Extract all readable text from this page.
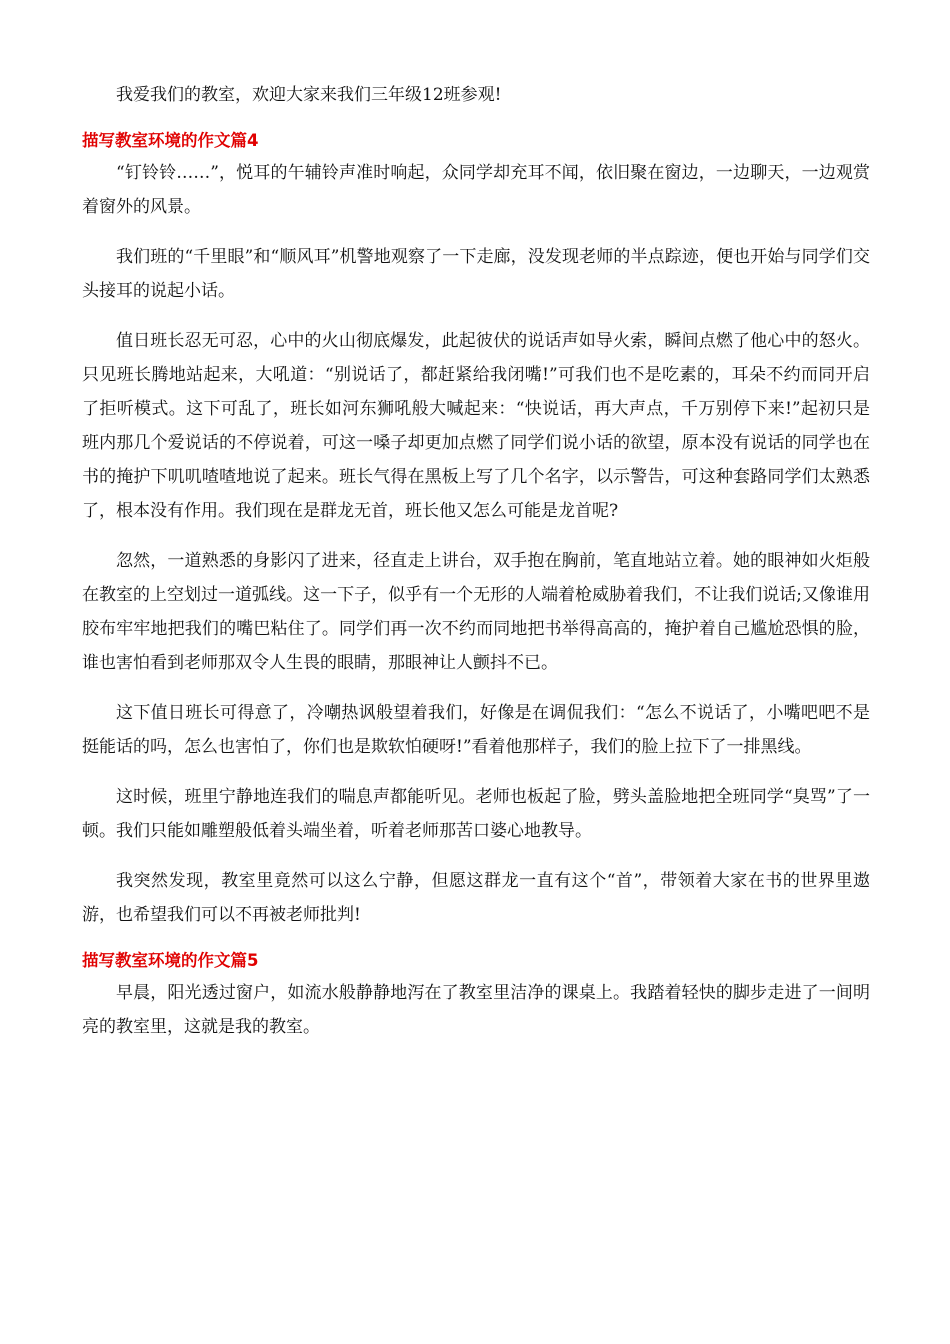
我爱我们的教室，欢迎大家来我们三年级12班参观!

描写教室环境的作文篇4

“钉铃铃……”，悦耳的午辅铃声准时响起，众同学却充耳不闻，依旧聚在窗边，一边聊天，一边观赏着窗外的风景。

我们班的“千里眼”和“顺风耳”机警地观察了一下走廊，没发现老师的半点踪迹，便也开始与同学们交头接耳的说起小话。

值日班长忍无可忍，心中的火山彻底爆发，此起彼伏的说话声如导火索，瞬间点燃了他心中的怒火。只见班长腾地站起来，大吼道：“别说话了，都赶紧给我闭嘴!”可我们也不是吃素的，耳朵不约而同开启了拒听模式。这下可乱了，班长如河东狮吼般大喊起来：“快说话，再大声点，千万别停下来!”起初只是班内那几个爱说话的不停说着，可这一嗓子却更加点燃了同学们说小话的欲望，原本没有说话的同学也在书的掩护下叽叽喳喳地说了起来。班长气得在黑板上写了几个名字，以示警告，可这种套路同学们太熟悉了，根本没有作用。我们现在是群龙无首，班长他又怎么可能是龙首呢?

忽然，一道熟悉的身影闪了进来，径直走上讲台，双手抱在胸前，笔直地站立着。她的眼神如火炬般在教室的上空划过一道弧线。这一下子，似乎有一个无形的人端着枪威胁着我们，不让我们说话;又像谁用胶布牢牢地把我们的嘴巴粘住了。同学们再一次不约而同地把书举得高高的，掩护着自己尴尬恐惧的脸，谁也害怕看到老师那双令人生畏的眼睛，那眼神让人颤抖不已。

这下值日班长可得意了，冷嘲热讽般望着我们，好像是在调侃我们：“怎么不说话了，小嘴吧吧不是挺能话的吗，怎么也害怕了，你们也是欺软怕硬呀!”看着他那样子，我们的脸上拉下了一排黑线。

这时候，班里宁静地连我们的喘息声都能听见。老师也板起了脸，劈头盖脸地把全班同学“臭骂”了一顿。我们只能如雕塑般低着头端坐着，听着老师那苦口婆心地教导。

我突然发现，教室里竟然可以这么宁静，但愿这群龙一直有这个“首”，带领着大家在书的世界里遨游，也希望我们可以不再被老师批判!

描写教室环境的作文篇5

早晨，阳光透过窗户，如流水般静静地泻在了教室里洁净的课桌上。我踏着轻快的脚步走进了一间明亮的教室里，这就是我的教室。
